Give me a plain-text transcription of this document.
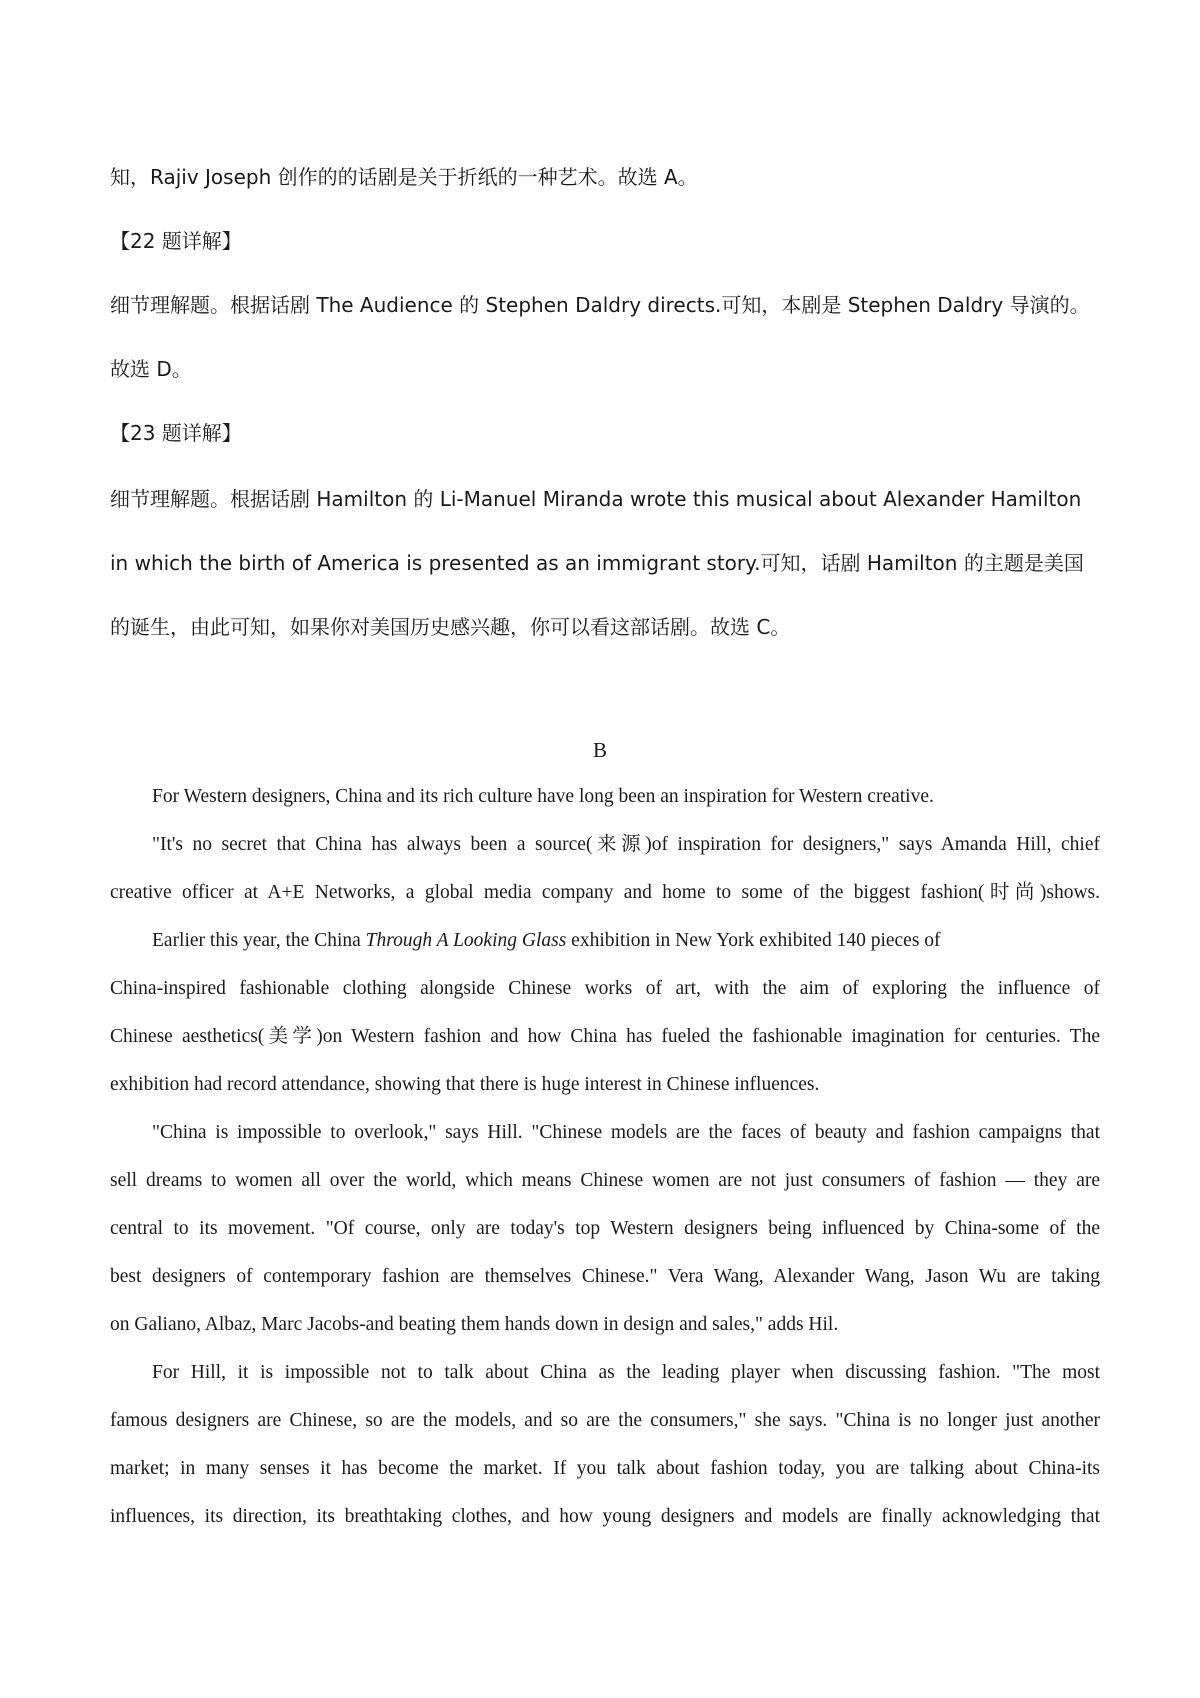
知，Rajiv Joseph 创作的的话剧是关于折纸的一种艺术。故选 A。
【22 题详解】
细节理解题。根据话剧 The Audience 的 Stephen Daldry directs.可知，本剧是 Stephen Daldry 导演的。
故选 D。
【23 题详解】
细节理解题。根据话剧 Hamilton 的 Li-Manuel Miranda wrote this musical about Alexander Hamilton
in which the birth of America is presented as an immigrant story.可知，话剧 Hamilton 的主题是美国
的诞生，由此可知，如果你对美国历史感兴趣，你可以看这部话剧。故选 C。
B
For Western designers, China and its rich culture have long been an inspiration for Western creative.
"It's no secret that China has always been a source(来源)of inspiration for designers," says Amanda Hill, chief
creative officer at A+E Networks, a global media company and home to some of the biggest fashion(时尚)shows.
Earlier this year, the China Through A Looking Glass exhibition in New York exhibited 140 pieces of
China-inspired fashionable clothing alongside Chinese works of art, with the aim of exploring the influence of
Chinese aesthetics(美学)on Western fashion and how China has fueled the fashionable imagination for centuries. The
exhibition had record attendance, showing that there is huge interest in Chinese influences.
"China is impossible to overlook," says Hill. "Chinese models are the faces of beauty and fashion campaigns that
sell dreams to women all over the world, which means Chinese women are not just consumers of fashion — they are
central to its movement. "Of course, only are today's top Western designers being influenced by China-some of the
best designers of contemporary fashion are themselves Chinese." Vera Wang, Alexander Wang, Jason Wu are taking
on Galiano, Albaz, Marc Jacobs-and beating them hands down in design and sales," adds Hil.
For Hill, it is impossible not to talk about China as the leading player when discussing fashion. "The most
famous designers are Chinese, so are the models, and so are the consumers," she says. "China is no longer just another
market; in many senses it has become the market. If you talk about fashion today, you are talking about China-its
influences, its direction, its breathtaking clothes, and how young designers and models are finally acknowledging that
